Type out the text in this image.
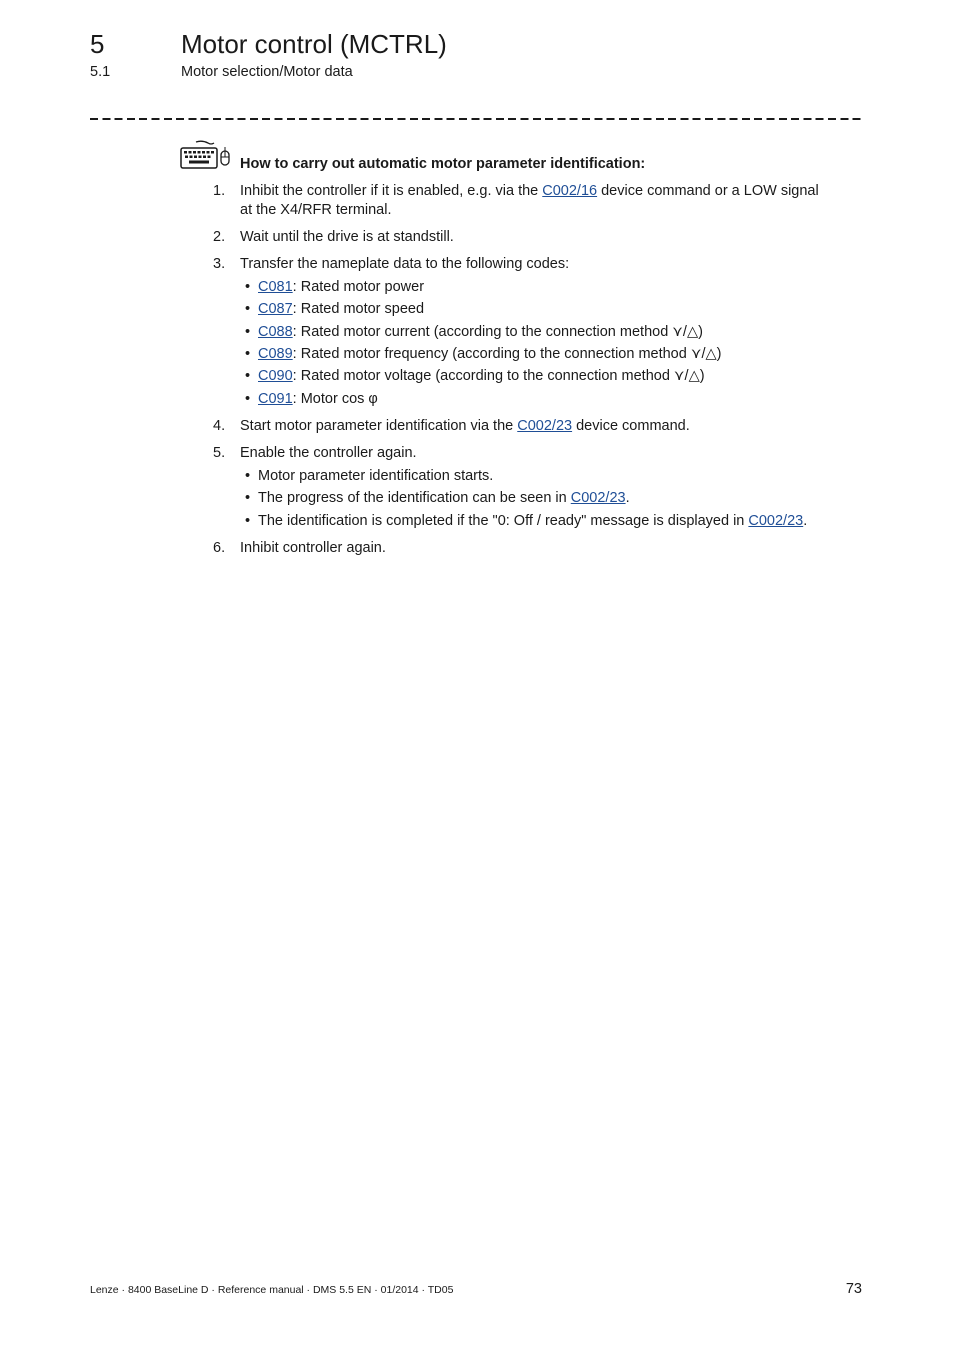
5	Motor control (MCTRL)
5.1	Motor selection/Motor data
How to carry out automatic motor parameter identification:
1. Inhibit the controller if it is enabled, e.g. via the C002/16 device command or a LOW signal
at the X4/RFR terminal.
2. Wait until the drive is at standstill.
3. Transfer the nameplate data to the following codes:
• C081: Rated motor power
• C087: Rated motor speed
• C088: Rated motor current (according to the connection method ⋎/△)
• C089: Rated motor frequency (according to the connection method ⋎/△)
• C090: Rated motor voltage (according to the connection method ⋎/△)
• C091: Motor cos φ
4. Start motor parameter identification via the C002/23 device command.
5. Enable the controller again.
• Motor parameter identification starts.
• The progress of the identification can be seen in C002/23.
• The identification is completed if the "0: Off / ready" message is displayed in C002/23.
6. Inhibit controller again.
Lenze · 8400 BaseLine D · Reference manual · DMS 5.5 EN · 01/2014 · TD05	73
